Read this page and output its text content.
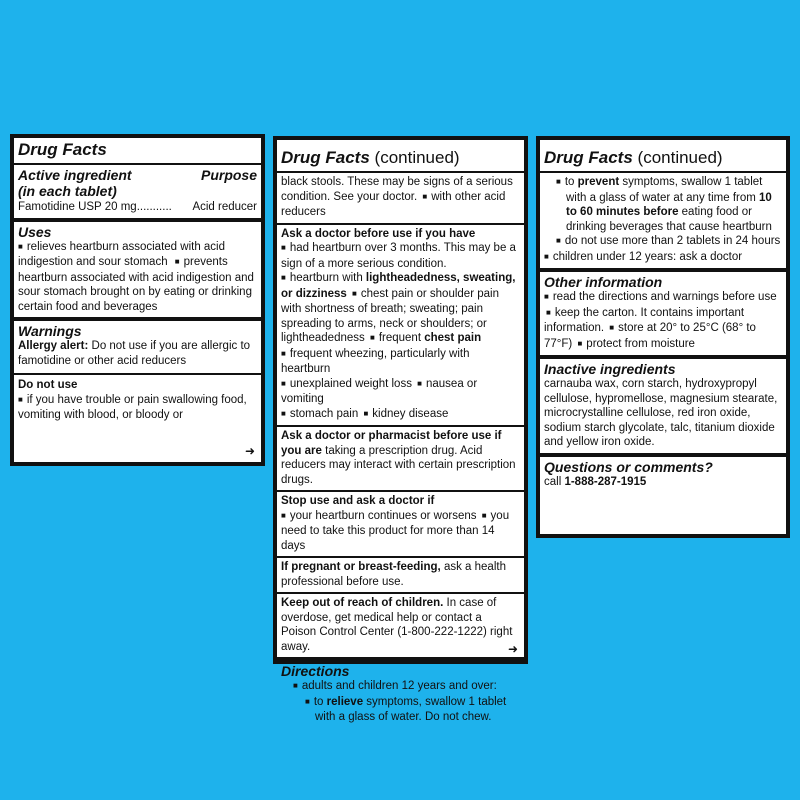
Drug Facts
Active ingredient	Purpose
(in each tablet)
Famotidine USP 20 mg........... Acid reducer
Uses
■ relieves heartburn associated with acid indigestion and sour stomach ■ prevents heartburn associated with acid indigestion and sour stomach brought on by eating or drinking certain food and beverages
Warnings
Allergy alert: Do not use if you are allergic to famotidine or other acid reducers
Do not use
■ if you have trouble or pain swallowing food, vomiting with blood, or bloody or
➜
Drug Facts (continued)
black stools. These may be signs of a serious condition. See your doctor. ■ with other acid reducers
Ask a doctor before use if you have
■ had heartburn over 3 months. This may be a sign of a more serious condition.
■ heartburn with lightheadedness, sweating, or dizziness ■ chest pain or shoulder pain with shortness of breath; sweating; pain spreading to arms, neck or shoulders; or lightheadedness ■ frequent chest pain
■ frequent wheezing, particularly with heartburn
■ unexplained weight loss ■ nausea or vomiting
■ stomach pain ■ kidney disease
Ask a doctor or pharmacist before use if you are taking a prescription drug. Acid reducers may interact with certain prescription drugs.
Stop use and ask a doctor if
■ your heartburn continues or worsens ■ you need to take this product for more than 14 days
If pregnant or breast-feeding, ask a health professional before use.
Keep out of reach of children. In case of overdose, get medical help or contact a Poison Control Center (1-800-222-1222) right away.
Directions
■ adults and children 12 years and over:
■ to relieve symptoms, swallow 1 tablet with a glass of water. Do not chew.
➜
Drug Facts (continued)
■ to prevent symptoms, swallow 1 tablet with a glass of water at any time from 10 to 60 minutes before eating food or drinking beverages that cause heartburn
■ do not use more than 2 tablets in 24 hours
■ children under 12 years: ask a doctor
Other information
■ read the directions and warnings before use ■ keep the carton. It contains important information. ■ store at 20° to 25°C (68° to 77°F) ■ protect from moisture
Inactive ingredients
carnauba wax, corn starch, hydroxypropyl cellulose, hypromellose, magnesium stearate, microcrystalline cellulose, red iron oxide, sodium starch glycolate, talc, titanium dioxide and yellow iron oxide.
Questions or comments?
call 1-888-287-1915
